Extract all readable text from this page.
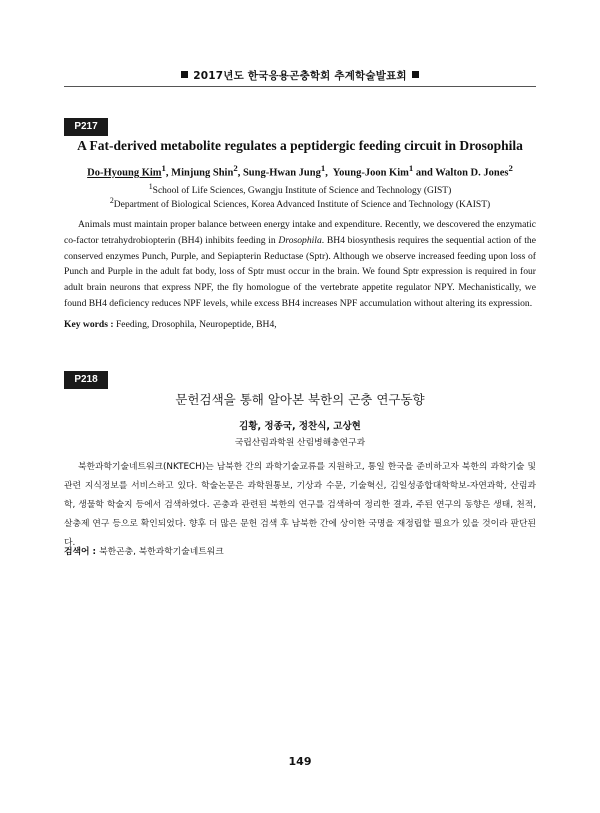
2017년도 한국응용곤충학회 추계학술발표회
P217
A Fat-derived metabolite regulates a peptidergic feeding circuit in Drosophila
Do-Hyoung Kim$^1$, Minjung Shin$^2$, Sung-Hwan Jung$^1$,  Young-Joon Kim$^1$ and Walton D. Jones$^2$
$^1$School of Life Sciences, Gwangju Institute of Science and Technology (GIST)
$^2$Department of Biological Sciences, Korea Advanced Institute of Science and Technology (KAIST)
Animals must maintain proper balance between energy intake and expenditure. Recently, we descovered the enzymatic co-factor tetrahydrobiopterin (BH4) inhibits feeding in Drosophila. BH4 biosynthesis requires the sequential action of the conserved enzymes Punch, Purple, and Sepiapterin Reductase (Sptr). Although we observe increased feeding upon loss of Punch and Purple in the adult fat body, loss of Sptr must occur in the brain. We found Sptr expression is required in four adult brain neurons that express NPF, the fly homologue of the vertebrate appetite regulator NPY. Mechanistically, we found BH4 deficiency reduces NPF levels, while excess BH4 increases NPF accumulation without altering its expression.
Key words : Feeding, Drosophila, Neuropeptide, BH4,
P218
문헌검색을 통해 알아본 북한의 곤충 연구동향
김황, 정종국, 정찬식, 고상현
국립산림과학원 산림병해충연구과
북한과학기술네트워크(NKTECH)는 남북한 간의 과학기술교류를 지원하고, 통일 한국을 준비하고자 북한의 과학기술 및 관련 지식정보를 서비스하고 있다. 학술논문은 과학원통보, 기상과 수문, 기술혁신, 김일성종합대학학보-자연과학, 산림과학, 생물학 학술지 등에서 검색하였다. 곤충과 관련된 북한의 연구를 검색하여 정리한 결과, 주된 연구의 동향은 생태, 천적, 살충제 연구 등으로 확인되었다. 향후 더 많은 문헌 검색 후 남북한 간에 상이한 국명을 재정립할 필요가 있을 것이라 판단된다.
검색어 : 북한곤충, 북한과학기술네트워크
149
